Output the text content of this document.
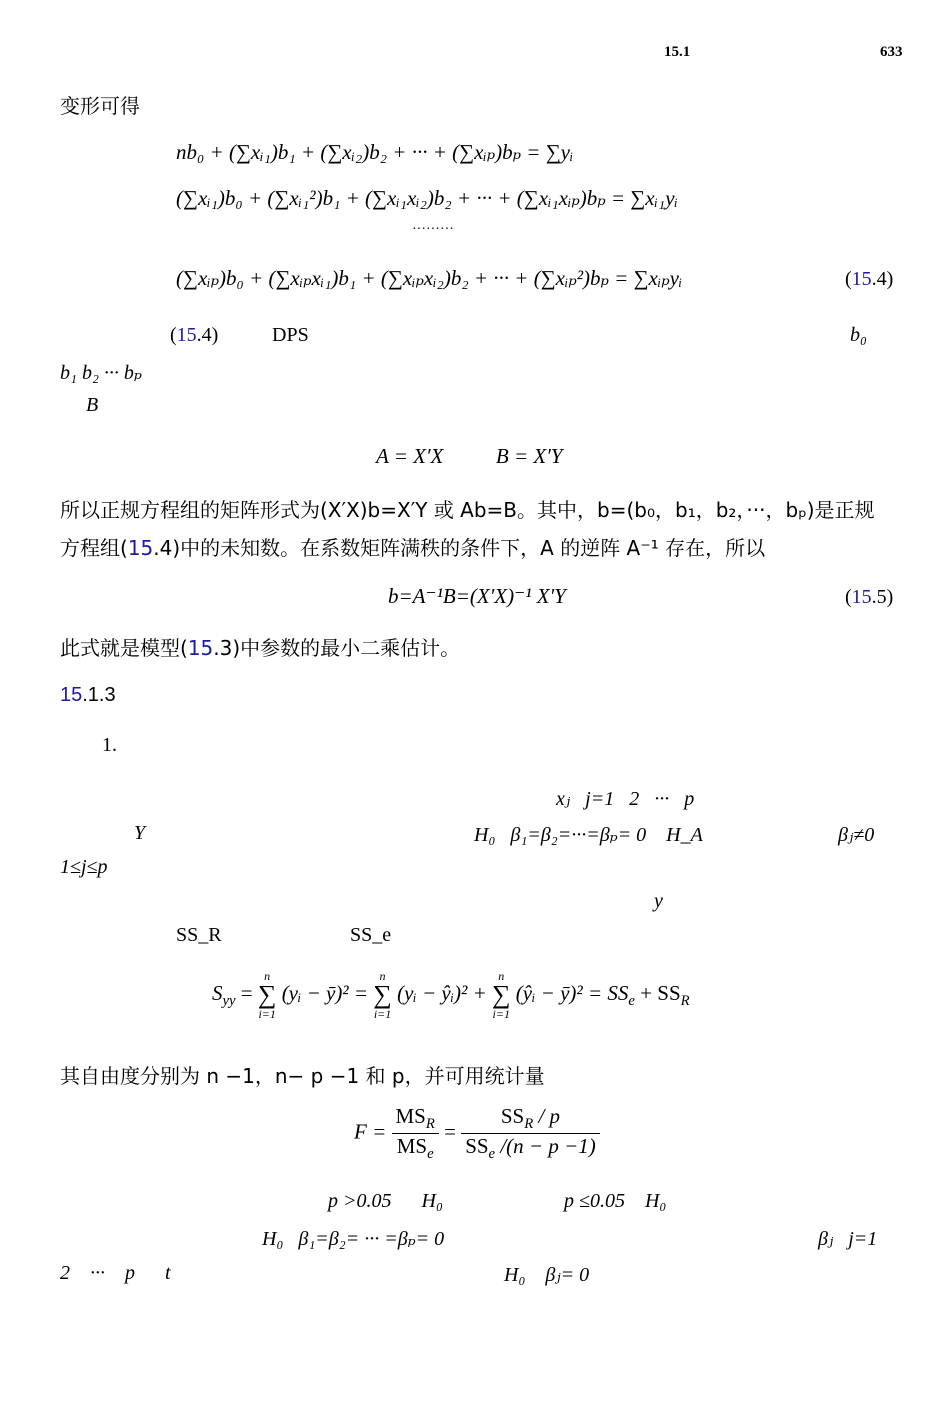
15.1	633
变形可得
nb₀ + (∑xᵢ₁)b₁ + (∑xᵢ₂)b₂ + ··· + (∑xᵢₚ)bₚ = ∑yᵢ
(∑xᵢ₁)b₀ + (∑xᵢ₁²)b₁ + (∑xᵢ₁xᵢ₂)b₂ + ··· + (∑xᵢ₁xᵢₚ)bₚ = ∑xᵢ₁yᵢ
·········
(∑xᵢₚ)b₀ + (∑xᵢₚxᵢ₁)b₁ + (∑xᵢₚxᵢ₂)b₂ + ··· + (∑xᵢₚ²)bₚ = ∑xᵢₚyᵢ	(15.4)
(15.4)	DPS	b₀
b₁ b₂ ··· bₚ
B
A = X′X          B = X′Y
所以正规方程组的矩阵形式为(X′X)b=X′Y 或 Ab=B。其中，b=(b₀，b₁，b₂，···，bₚ)是正规
方程组(15.4)中的未知数。在系数矩阵满秩的条件下，A 的逆阵 A⁻¹ 存在，所以
b=A⁻¹B=(X′X)⁻¹ X′Y	(15.5)
此式就是模型(15.3)中参数的最小二乘估计。
15.1.3
1.
xⱼ   j=1   2   ···   p
Y	H₀   β₁=β₂=···=βₚ= 0    H_A	βⱼ≠0
1≤j≤p
y
SS_R	SS_e
$S_{yy}$ =
n
∑
i=1
(yᵢ − ȳ)² =
n
∑
i=1
(yᵢ − ŷᵢ)² +
n
∑
i=1
(ŷᵢ − ȳ)² = $SS_e + SS_R$
其自由度分别为 n −1，n− p −1 和 p，并可用统计量
$F = \frac{MS_R}{MS_e} = \frac{SS_R / p}{SS_e /(n - p -1)}$
p >0.05      H₀	p ≤0.05    H₀
H₀   β₁=β₂= ··· =βₚ= 0	βⱼ   j=1
2    ···    p      t	H₀    βⱼ= 0
